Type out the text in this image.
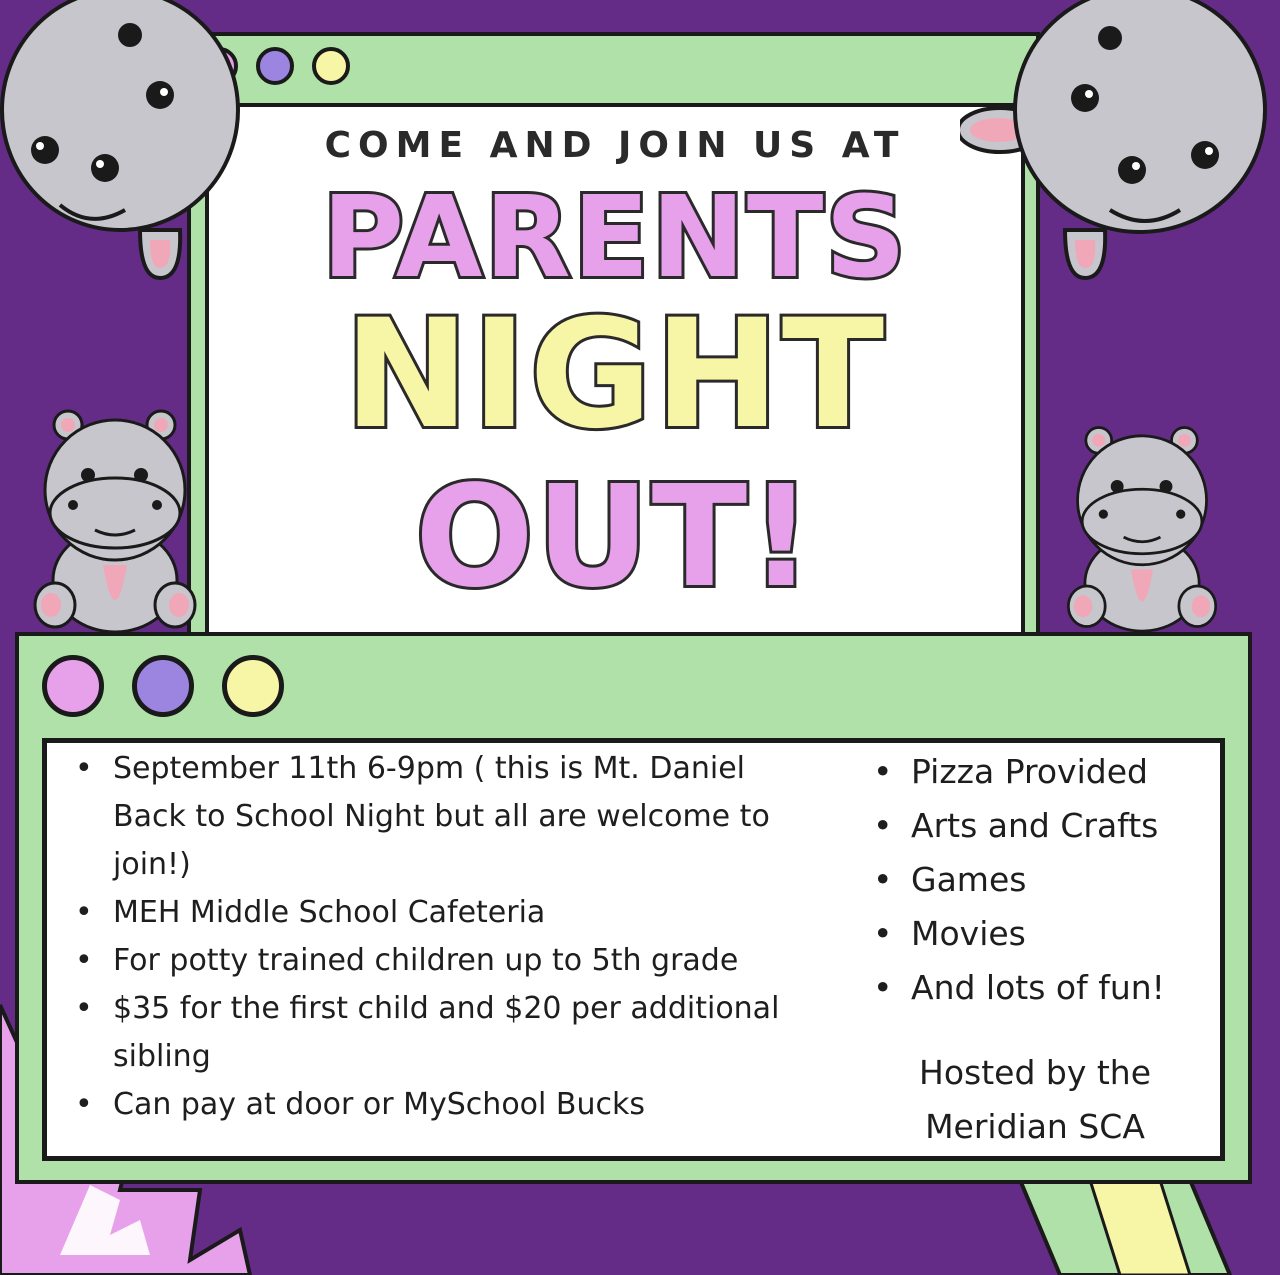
COME AND JOIN US AT
PARENTS
NIGHT
OUT!
• September 11th 6-9pm ( this is Mt. Daniel Back to School Night but all are welcome to join!)
• MEH Middle School Cafeteria
• For potty trained children up to 5th grade
• $35 for the first child and $20 per additional sibling
• Can pay at door or MySchool Bucks
• Pizza Provided
• Arts and Crafts
• Games
• Movies
• And lots of fun!
Hosted by the
Meridian SCA
